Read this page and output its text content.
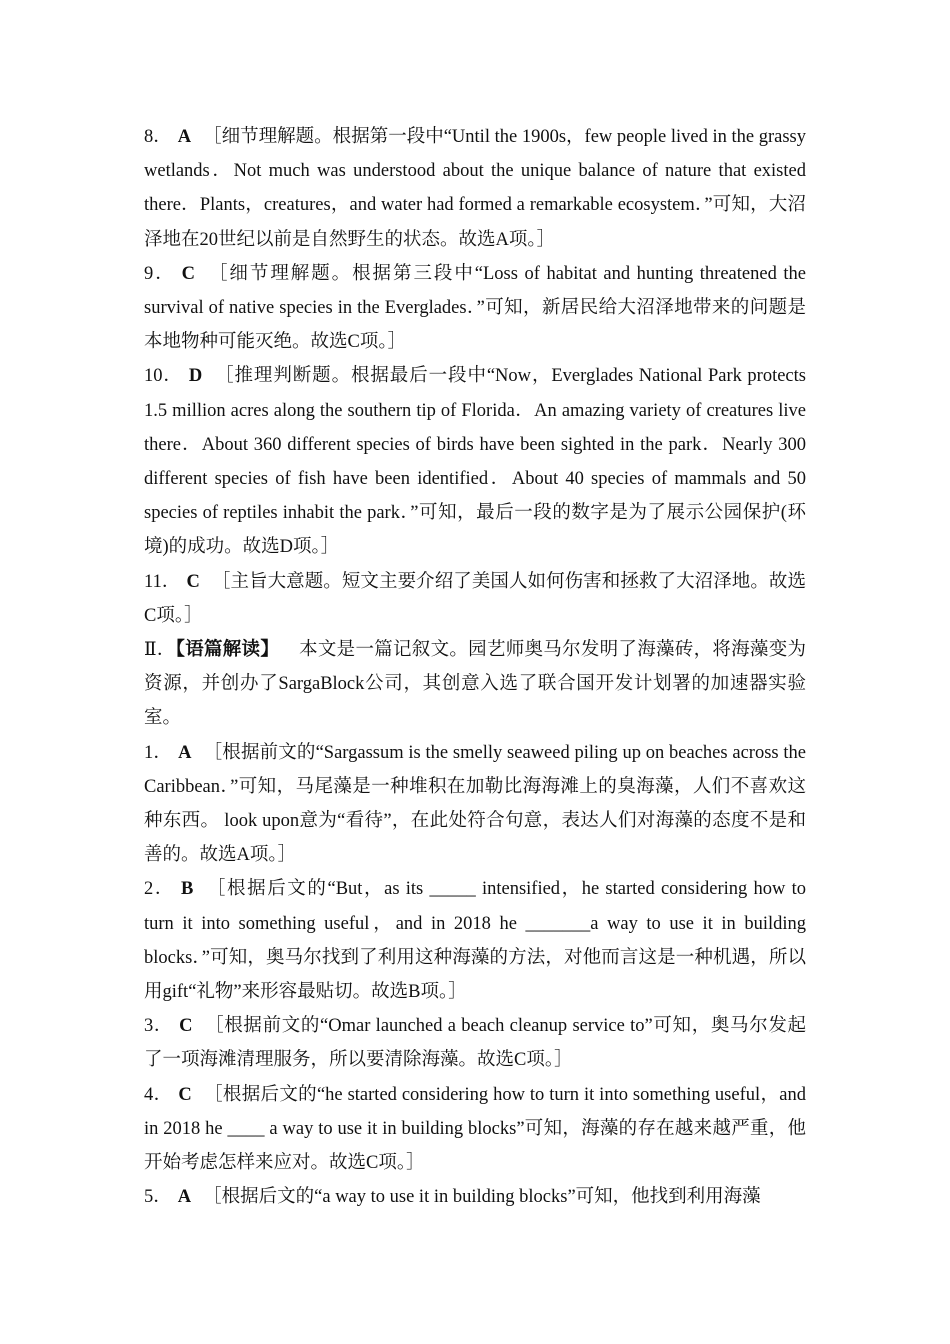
8． A ［细节理解题。根据第一段中“Until the 1900s，few people lived in the grassy wetlands．Not much was understood about the unique balance of nature that existed there．Plants，creatures，and water had formed a remarkable ecosystem．”可知，大沼泽地在20世纪以前是自然野生的状态。故选A项。］

9． C ［细节理解题。根据第三段中“Loss of habitat and hunting threatened the survival of native species in the Everglades．”可知，新居民给大沼泽地带来的问题是本地物种可能灭绝。故选C项。］

10． D ［推理判断题。根据最后一段中“Now，Everglades National Park protects 1.5 million acres along the southern tip of Florida．An amazing variety of creatures live there．About 360 different species of birds have been sighted in the park．Nearly 300 different species of fish have been identified．About 40 species of mammals and 50 species of reptiles inhabit the park．”可知，最后一段的数字是为了展示公园保护(环境)的成功。故选D项。］

11． C ［主旨大意题。短文主要介绍了美国人如何伤害和拯救了大沼泽地。故选C项。］

Ⅱ．【语篇解读】 本文是一篇记叙文。园艺师奥马尔发明了海藻砖，将海藻变为资源，并创办了SargaBlock公司，其创意入选了联合国开发计划署的加速器实验室。

1． A ［根据前文的“Sargassum is the smelly seaweed piling up on beaches across the Caribbean．”可知，马尾藻是一种堆积在加勒比海海滩上的臭海藻，人们不喜欢这种东西。 look upon意为“看待”，在此处符合句意，表达人们对海藻的态度不是和善的。故选A项。］

2． B ［根据后文的“But，as its _____ intensified，he started considering how to turn it into something useful，and in 2018 he _______a way to use it in building blocks．”可知，奥马尔找到了利用这种海藻的方法，对他而言这是一种机遇，所以用gift“礼物”来形容最贴切。故选B项。］

3． C ［根据前文的“Omar launched a beach cleanup service to”可知，奥马尔发起了一项海滩清理服务，所以要清除海藻。故选C项。］

4． C ［根据后文的“he started considering how to turn it into something useful，and in 2018 he ____ a way to use it in building blocks”可知，海藻的存在越来越严重，他开始考虑怎样来应对。故选C项。］

5． A ［根据后文的“a way to use it in building blocks”可知，他找到利用海藻
